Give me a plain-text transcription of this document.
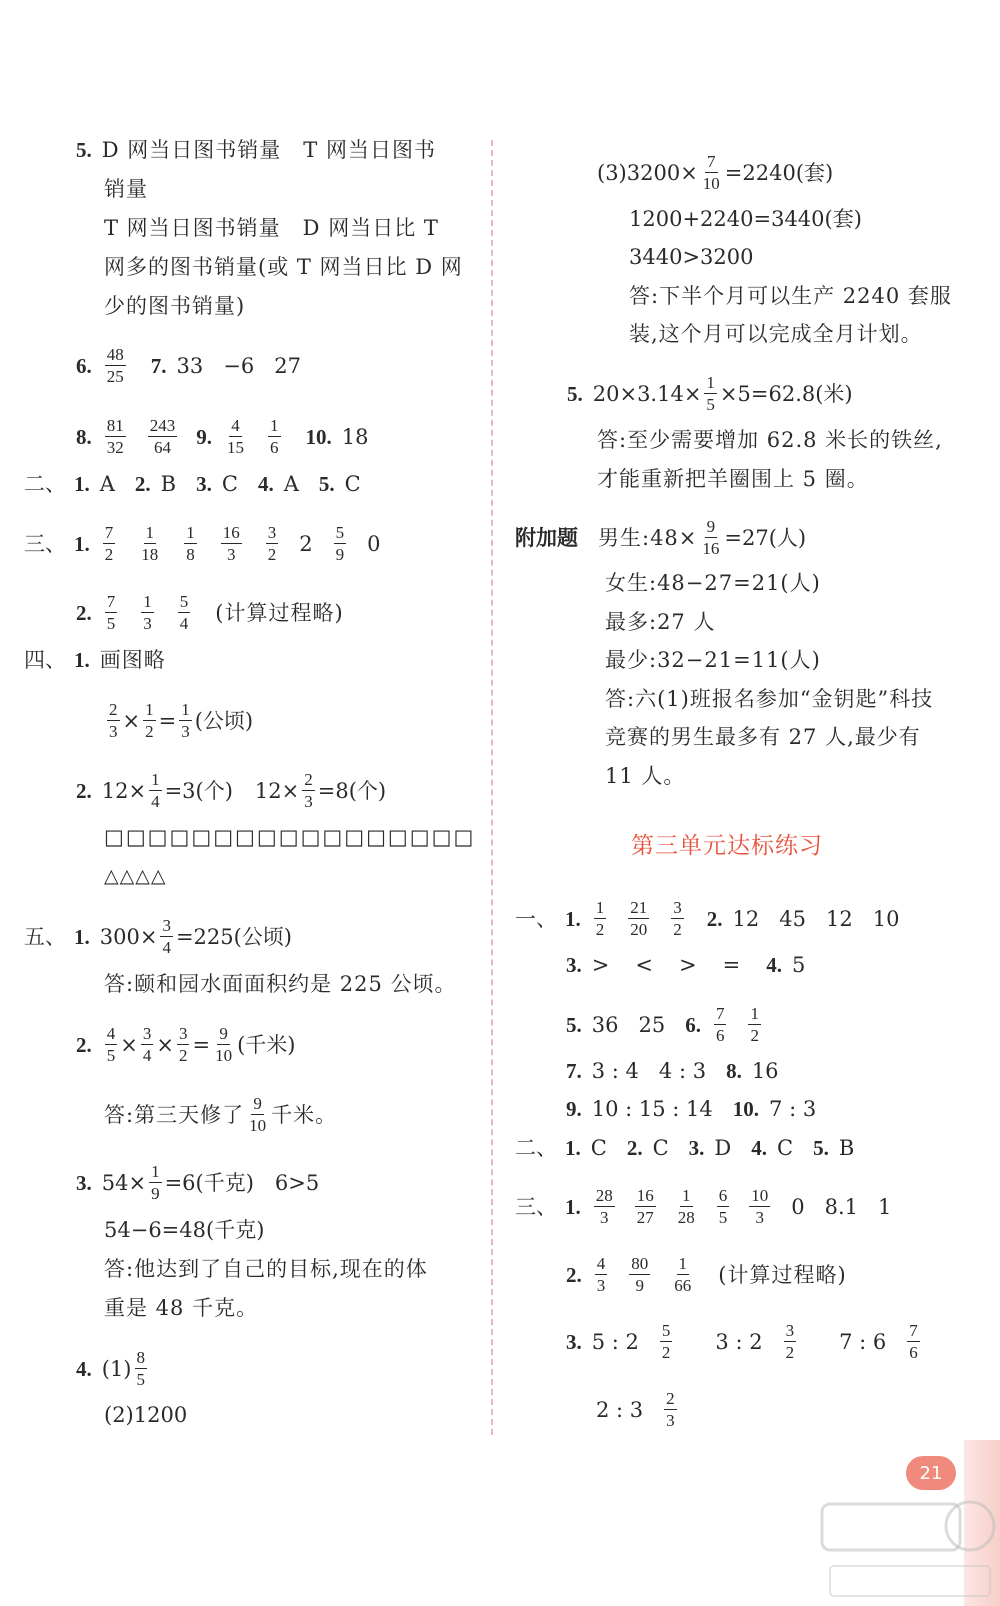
5. D 网当日图书销量　T 网当日图书
销量
T 网当日图书销量　D 网当日比 T
网多的图书销量(或 T 网当日比 D 网
少的图书销量)
6. $\frac{48}{25} 7$. 33 −6 27
8. $\frac{81}{32} \frac{243}{64} 9$. $\frac{4}{15} \frac{1}{6} 10$. 18
二、 1. A 2. B 3. C 4. A 5. C
三、 1. $\frac{7}{2} \frac{1}{18} \frac{1}{8} \frac{16}{3} \frac{3}{2} 2 \frac{5}{9} 0$
2. $\frac{7}{5} \frac{1}{3} \frac{5}{4}$ (计算过程略)
四、 1. 画图略
$\frac{2}{3} \times \frac{1}{2} = \frac{1}{3}$ (公顷)
2. $12\times \frac{1}{4} =3$(个) $12\times \frac{2}{3} =8$(个)
□□□□□□□□□□□□□□□□□
△△△△
五、 1. $300\times \frac{3}{4} =225$(公顷)
答:颐和园水面面积约是 225 公顷。
2. $\frac{4}{5} \times \frac{3}{4} \times \frac{3}{2} = \frac{9}{10}$ (千米)
答:第三天修了 $\frac{9}{10}$ 千米。
3. $54\times \frac{1}{9} =6$(千克)　6>5
54−6=48(千克)
答:他达到了自己的目标,现在的体
重是 48 千克。
4. $(1) \frac{8}{5}$
(2)1200
$(3)3200\times \frac{7}{10} =2240$(套)
1200+2240=3440(套)
3440>3200
答:下半个月可以生产 2240 套服
装,这个月可以完成全月计划。
5. $20\times 3.14\times \frac{1}{5} \times 5=62.8$(米)
答:至少需要增加 62.8 米长的铁丝,
才能重新把羊圈围上 5 圈。
附加题 男生:48× $\frac{9}{16} =27$(人)
女生:48−27=21(人)
最多:27 人
最少:32−21=11(人)
答:六(1)班报名参加“金钥匙”科技
竞赛的男生最多有 27 人,最少有
11 人。
第三单元达标练习
一、 1. $\frac{1}{2} \frac{21}{20} \frac{3}{2} 2$. 12 45 12 10
3. > < > = 4. 5
5. 36 25 6. $\frac{7}{6} \frac{1}{2}$
7. 3 : 4 4 : 3 8. 16
9. 10 : 15 : 14 10. 7 : 3
二、 1. C 2. C 3. D 4. C 5. B
三、 1. $\frac{28}{3} \frac{16}{27} \frac{1}{28} \frac{6}{5} \frac{10}{3} 0$ 8.1 1
2. $\frac{4}{3} \frac{80}{9} \frac{1}{66}$ (计算过程略)
3. 5 : $2 \frac{5}{2} 3$ : $2 \frac{3}{2} 7$ : $6 \frac{7}{6}$
2 : $3 \frac{2}{3}$
21
